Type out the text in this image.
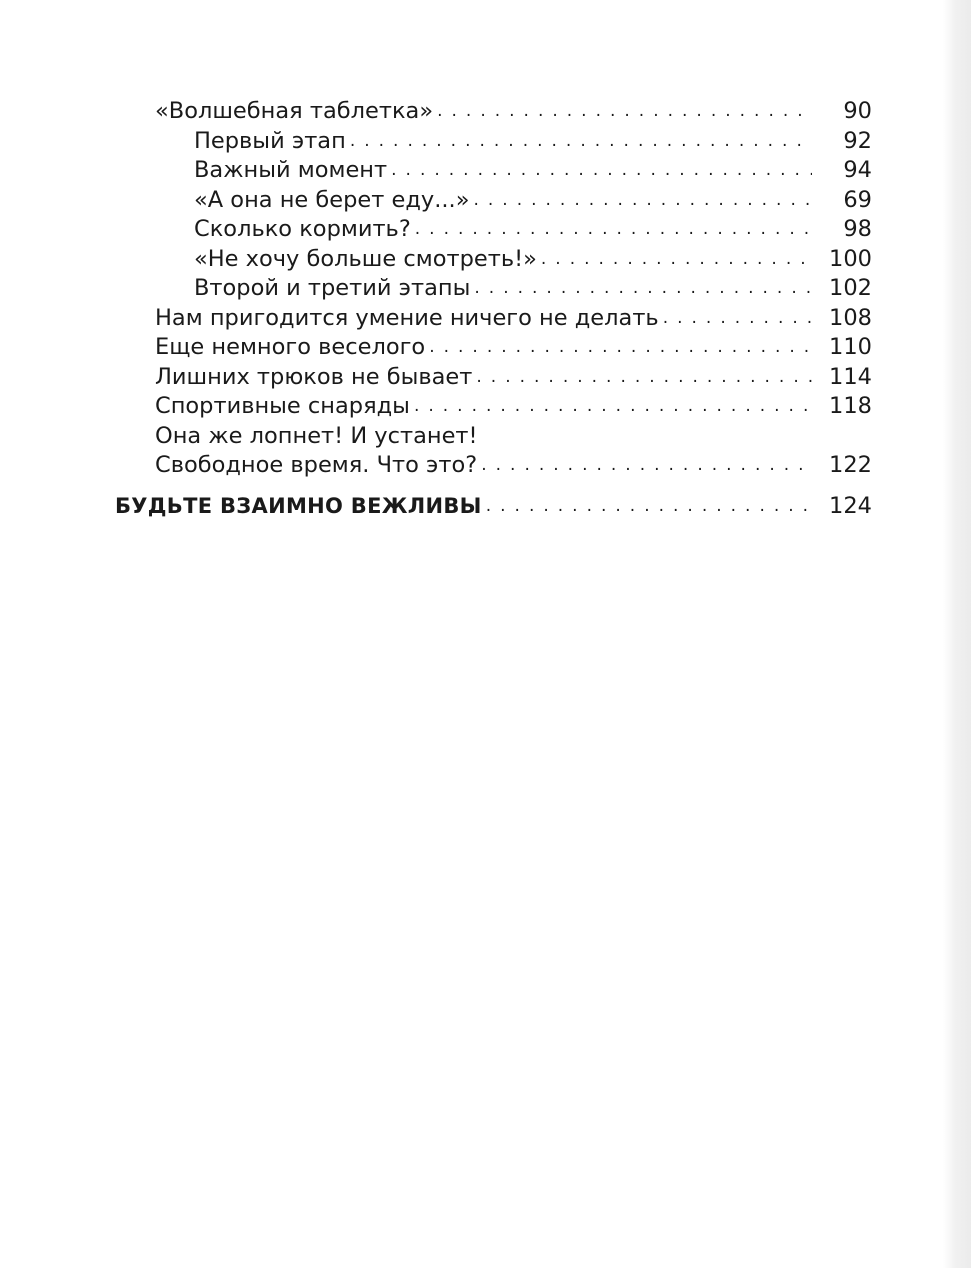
«Волшебная таблетка» . . .	90
Первый этап . . .	92
Важный момент . . .	94
«А она не берет еду...» . . .	69
Сколько кормить? . . .	98
«Не хочу больше смотреть!» . . .	100
Второй и третий этапы . . .	102
Нам пригодится умение ничего не делать . . .	108
Еще немного веселого . . .	110
Лишних трюков не бывает . . .	114
Спортивные снаряды . . .	118
Она же лопнет! И устанет!
Свободное время. Что это? . . .	122
БУДЬТЕ ВЗАИМНО ВЕЖЛИВЫ . . .	124
